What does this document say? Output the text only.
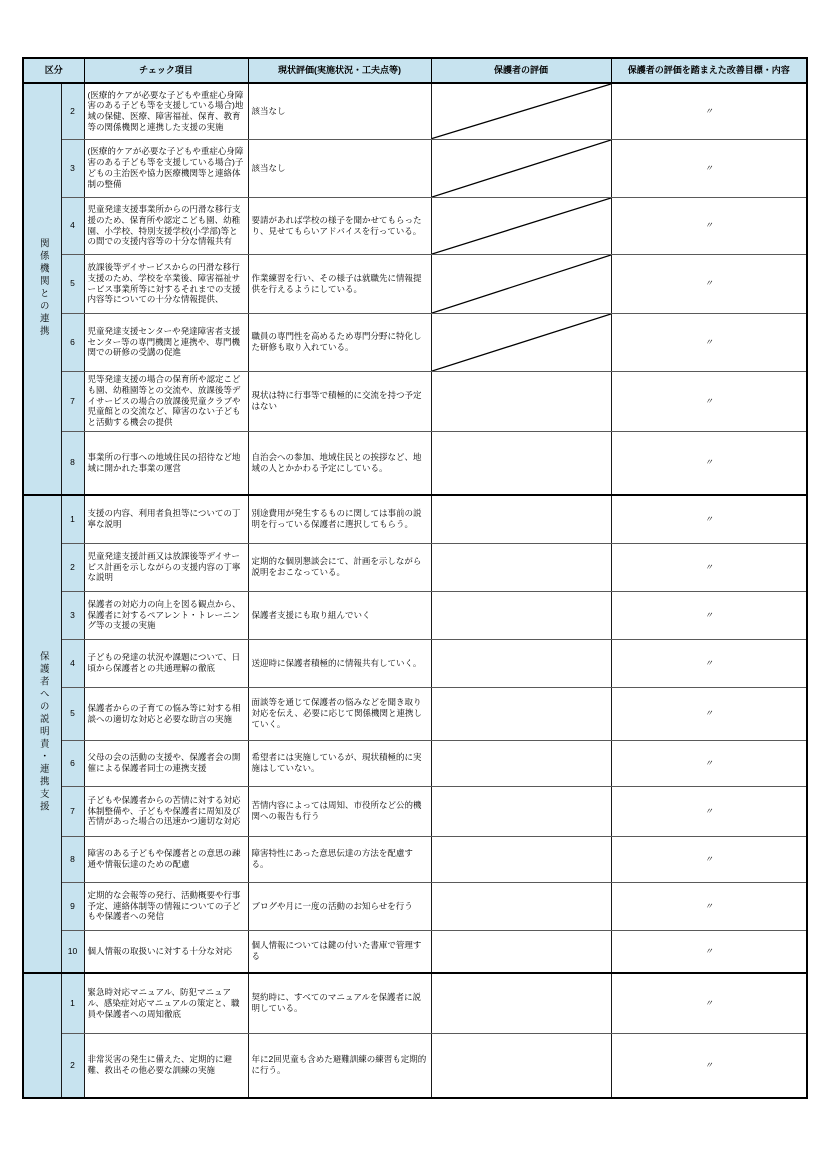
区分		チェック項目	現状評価(実施状況・工夫点等)	保護者の評価	保護者の評価を踏まえた改善目標・内容
関係機関との連携	2	(医療的ケアが必要な子どもや重症心身障害のある子ども等を支援している場合)地域の保健、医療、障害福祉、保育、教育等の関係機関と連携した支援の実施	該当なし		〃
	3	(医療的ケアが必要な子どもや重症心身障害のある子ども等を支援している場合)子どもの主治医や協力医療機関等と連絡体制の整備	該当なし		〃
	4	児童発達支援事業所からの円滑な移行支援のため、保育所や認定こども園、幼稚園、小学校、特別支援学校(小学部)等との間での支援内容等の十分な情報共有	要請があれば学校の様子を聞かせてもらったり、見せてもらいアドバイスを行っている。		〃
	5	放課後等デイサービスからの円滑な移行支援のため、学校を卒業後、障害福祉サービス事業所等に対するそれまでの支援内容等についての十分な情報提供、	作業練習を行い、その様子は就職先に情報提供を行えるようにしている。		〃
	6	児童発達支援センターや発達障害者支援センター等の専門機関と連携や、専門機関での研修の受講の促進	職員の専門性を高めるため専門分野に特化した研修も取り入れている。		〃
	7	児等発達支援の場合の保育所や認定こども園、幼稚園等との交流や、放課後等デイサービスの場合の放課後児童クラブや児童館との交流など、障害のない子どもと活動する機会の提供	現状は特に行事等で積極的に交流を持つ予定はない		〃
	8	事業所の行事への地域住民の招待など地域に開かれた事業の運営	自治会への参加、地域住民との挨拶など、地域の人とかかわる予定にしている。		〃
保護者への説明責・連携支援	1	支援の内容、利用者負担等についての丁寧な説明	別途費用が発生するものに関しては事前の説明を行っている保護者に選択してもらう。		〃
	2	児童発達支援計画又は放課後等デイサービス計画を示しながらの支援内容の丁寧な説明	定期的な個別懇談会にて、計画を示しながら説明をおこなっている。		〃
	3	保護者の対応力の向上を図る観点から、保護者に対するペアレント・トレーニング等の支援の実施	保護者支援にも取り組んでいく		〃
	4	子どもの発達の状況や課題について、日頃から保護者との共通理解の徹底	送迎時に保護者積極的に情報共有していく。		〃
	5	保護者からの子育ての悩み等に対する相談への適切な対応と必要な助言の実施	面談等を通じて保護者の悩みなどを聞き取り対応を伝え、必要に応じて関係機関と連携していく。		〃
	6	父母の会の活動の支援や、保護者会の開催による保護者同士の連携支援	希望者には実施しているが、現状積極的に実施はしていない。		〃
	7	子どもや保護者からの苦情に対する対応体制整備や、子どもや保護者に周知及び苦情があった場合の迅速かつ適切な対応	苦情内容によっては周知、市役所など公的機関への報告も行う		〃
	8	障害のある子どもや保護者との意思の疎通や情報伝達のための配慮	障害特性にあった意思伝達の方法を配慮する。		〃
	9	定期的な会報等の発行、活動概要や行事予定、連絡体制等の情報についての子どもや保護者への発信	ブログや月に一度の活動のお知らせを行う		〃
	10	個人情報の取扱いに対する十分な対応	個人情報については鍵の付いた書庫で管理する		〃
	1	緊急時対応マニュアル、防犯マニュアル、感染症対応マニュアルの策定と、職員や保護者への周知徹底	契約時に、すべてのマニュアルを保護者に説明している。		〃
	2	非常災害の発生に備えた、定期的に避難、救出その他必要な訓練の実施	年に2回児童も含めた避難訓練の練習も定期的に行う。		〃
